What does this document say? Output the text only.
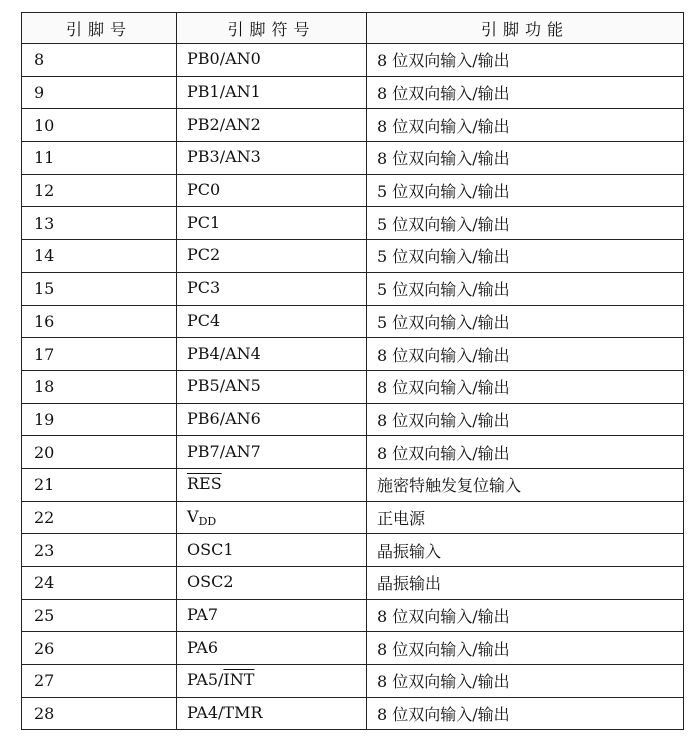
引脚号	引脚符号	引脚功能
8	PB0/AN0	8 位双向输入/输出
9	PB1/AN1	8 位双向输入/输出
10	PB2/AN2	8 位双向输入/输出
11	PB3/AN3	8 位双向输入/输出
12	PC0	5 位双向输入/输出
13	PC1	5 位双向输入/输出
14	PC2	5 位双向输入/输出
15	PC3	5 位双向输入/输出
16	PC4	5 位双向输入/输出
17	PB4/AN4	8 位双向输入/输出
18	PB5/AN5	8 位双向输入/输出
19	PB6/AN6	8 位双向输入/输出
20	PB7/AN7	8 位双向输入/输出
21	$\overline{RES}$	施密特触发复位输入
22	$V_{DD}$	正电源
23	OSC1	晶振输入
24	OSC2	晶振输出
25	PA7	8 位双向输入/输出
26	PA6	8 位双向输入/输出
27	$PA5/\overline{INT}$	8 位双向输入/输出
28	PA4/TMR	8 位双向输入/输出
